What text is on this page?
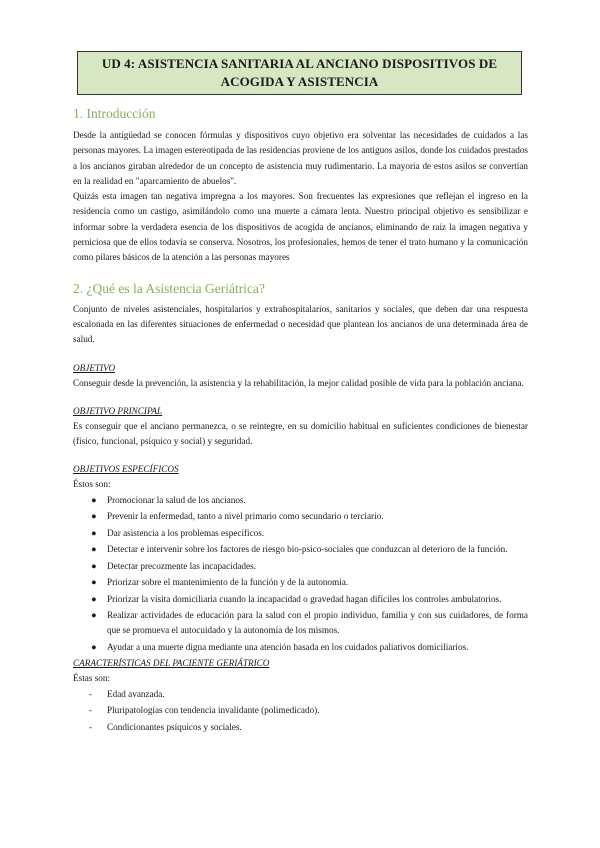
UD 4: ASISTENCIA SANITARIA AL ANCIANO DISPOSITIVOS DE
ACOGIDA Y ASISTENCIA
1. Introducción

Desde la antigüedad se conocen fórmulas y dispositivos cuyo objetivo era solventar las necesidades de cuidados a las personas mayores. La imagen estereotipada de las residencias proviene de los antiguos asilos, donde los cuidados prestados a los ancianos giraban alrededor de un concepto de asistencia muy rudimentario. La mayoría de estos asilos se convertían en la realidad en "aparcamiento de abuelos".

Quizás esta imagen tan negativa impregna a los mayores. Son frecuentes las expresiones que reflejan el ingreso en la residencia como un castigo, asimilándolo como una muerte a cámara lenta. Nuestro principal objetivo es sensibilizar e informar sobre la verdadera esencia de los dispositivos de acogida de ancianos, eliminando de raíz la imagen negativa y perniciosa que de ellos todavía se conserva. Nosotros, los profesionales, hemos de tener el trato humano y la comunicación como pilares básicos de la atención a las personas mayores

2. ¿Qué es la Asistencia Geriátrica?

Conjunto de niveles asistenciales, hospitalarios y extrahospitalarios, sanitarios y sociales, que deben dar una respuesta escalonada en las diferentes situaciones de enfermedad o necesidad que plantean los ancianos de una determinada área de salud.

OBJETIVO

Conseguir desde la prevención, la asistencia y la rehabilitación, la mejor calidad posible de vida para la población anciana.

OBJETIVO PRINCIPAL

Es conseguir que el anciano permanezca, o se reintegre, en su domicilio habitual en suficientes condiciones de bienestar (físico, funcional, psíquico y social) y seguridad.

OBJETIVOS ESPECÍFICOS

Éstos son:

● Promocionar la salud de los ancianos.
● Prevenir la enfermedad, tanto a nivel primario como secundario o terciario.
● Dar asistencia a los problemas específicos.
● Detectar e intervenir sobre los factores de riesgo bio-psico-sociales que conduzcan al deterioro de la función.
● Detectar precozmente las incapacidades.
● Priorizar sobre el mantenimiento de la función y de la autonomía.
● Priorizar la visita domiciliaria cuando la incapacidad o gravedad hagan difíciles los controles ambulatorios.
● Realizar actividades de educación para la salud con el propio individuo, familia y con sus cuidadores, de forma que se promueva el autocuidado y la autonomía de los mismos.
● Ayudar a una muerte digna mediante una atención basada en los cuidados paliativos domiciliarios.
CARACTERÍSTICAS DEL PACIENTE GERIÁTRICO

Éstas son:

- Edad avanzada.
- Pluripatologías con tendencia invalidante (polimedicado).
- Condicionantes psíquicos y sociales.
